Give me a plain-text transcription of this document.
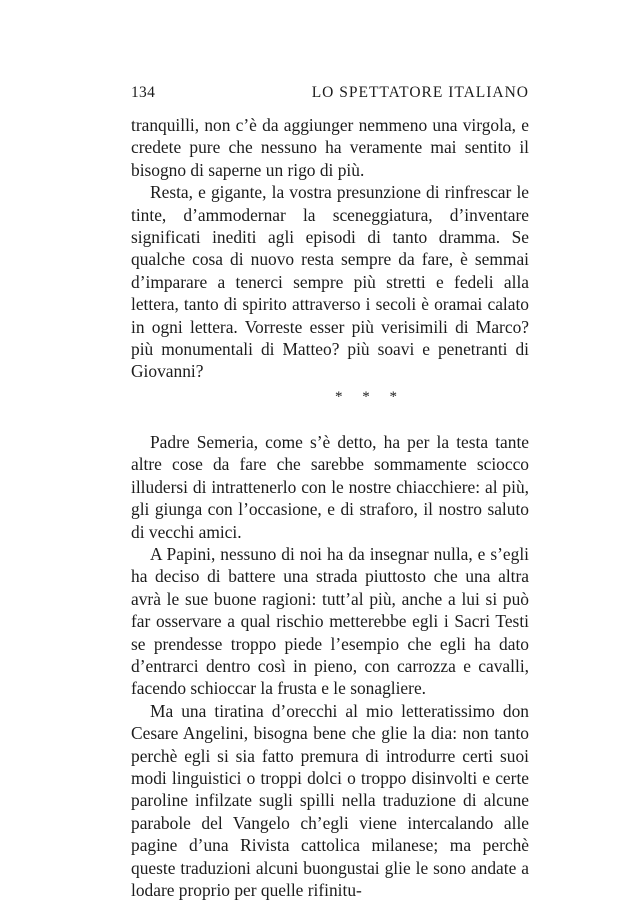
134	LO SPETTATORE ITALIANO

tranquilli, non c’è da aggiunger nemmeno una virgola, e credete pure che nessuno ha veramente mai sentito il bisogno di saperne un rigo di più.

Resta, e gigante, la vostra presunzione di rinfrescar le tinte, d’ammodernar la sceneggiatura, d’inventare significati inediti agli episodi di tanto dramma. Se qualche cosa di nuovo resta sempre da fare, è semmai d’imparare a tenerci sempre più stretti e fedeli alla lettera, tanto di spirito attraverso i secoli è oramai calato in ogni lettera. Vorreste esser più verisimili di Marco? più monumentali di Matteo? più soavi e penetranti di Giovanni?

* * *

Padre Semeria, come s’è detto, ha per la testa tante altre cose da fare che sarebbe sommamente sciocco illudersi di intrattenerlo con le nostre chiacchiere: al più, gli giunga con l’occasione, e di straforo, il nostro saluto di vecchi amici.

A Papini, nessuno di noi ha da insegnar nulla, e s’egli ha deciso di battere una strada piuttosto che una altra avrà le sue buone ragioni: tutt’al più, anche a lui si può far osservare a qual rischio metterebbe egli i Sacri Testi se prendesse troppo piede l’esempio che egli ha dato d’entrarci dentro così in pieno, con carrozza e cavalli, facendo schioccar la frusta e le sonagliere.

Ma una tiratina d’orecchi al mio letteratissimo don Cesare Angelini, bisogna bene che glie la dia: non tanto perchè egli si sia fatto premura di introdurre certi suoi modi linguistici o troppi dolci o troppo disinvolti e certe paroline infilzate sugli spilli nella traduzione di alcune parabole del Vangelo ch’egli viene intercalando alle pagine d’una Rivista cattolica milanese; ma perchè queste traduzioni alcuni buongustai glie le sono andate a lodare proprio per quelle rifinitu-
